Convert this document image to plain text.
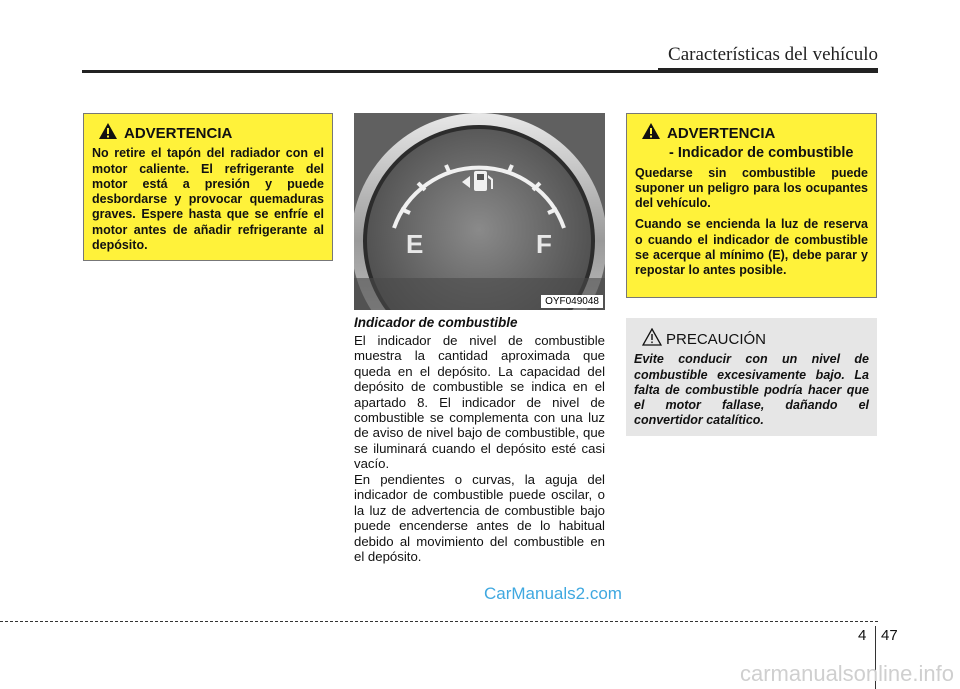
Características del vehículo
ADVERTENCIA

No retire el tapón del radiador con el motor caliente. El refrigerante del motor está a presión y puede desbordarse y provocar quemaduras graves. Espere hasta que se enfríe el motor antes de añadir refrigerante al depósito.	E	F
OYF049048
Indicador de combustible
El indicador de nivel de combustible muestra la cantidad aproximada que queda en el depósito. La capacidad del depósito de combustible se indica en el apartado 8. El indicador de nivel de combustible se complementa con una luz de aviso de nivel bajo de combustible, que se iluminará cuando el depósito esté casi vacío.
En pendientes o curvas, la aguja del indicador de combustible puede oscilar, o la luz de advertencia de combustible bajo puede encenderse antes de lo habitual debido al movimiento del combustible en el depósito.
ADVERTENCIA
- Indicador de combustible

Quedarse sin combustible puede suponer un peligro para los ocupantes del vehículo.

Cuando se encienda la luz de reserva o cuando el indicador de combustible se acerque al mínimo (E), debe parar y repostar lo antes posible.

PRECAUCIÓN
Evite conducir con un nivel de combustible excesivamente bajo. La falta de combustible podría hacer que el motor fallase, dañando el convertidor catalítico.
CarManuals2.com
4 47
carmanualsonline.info
